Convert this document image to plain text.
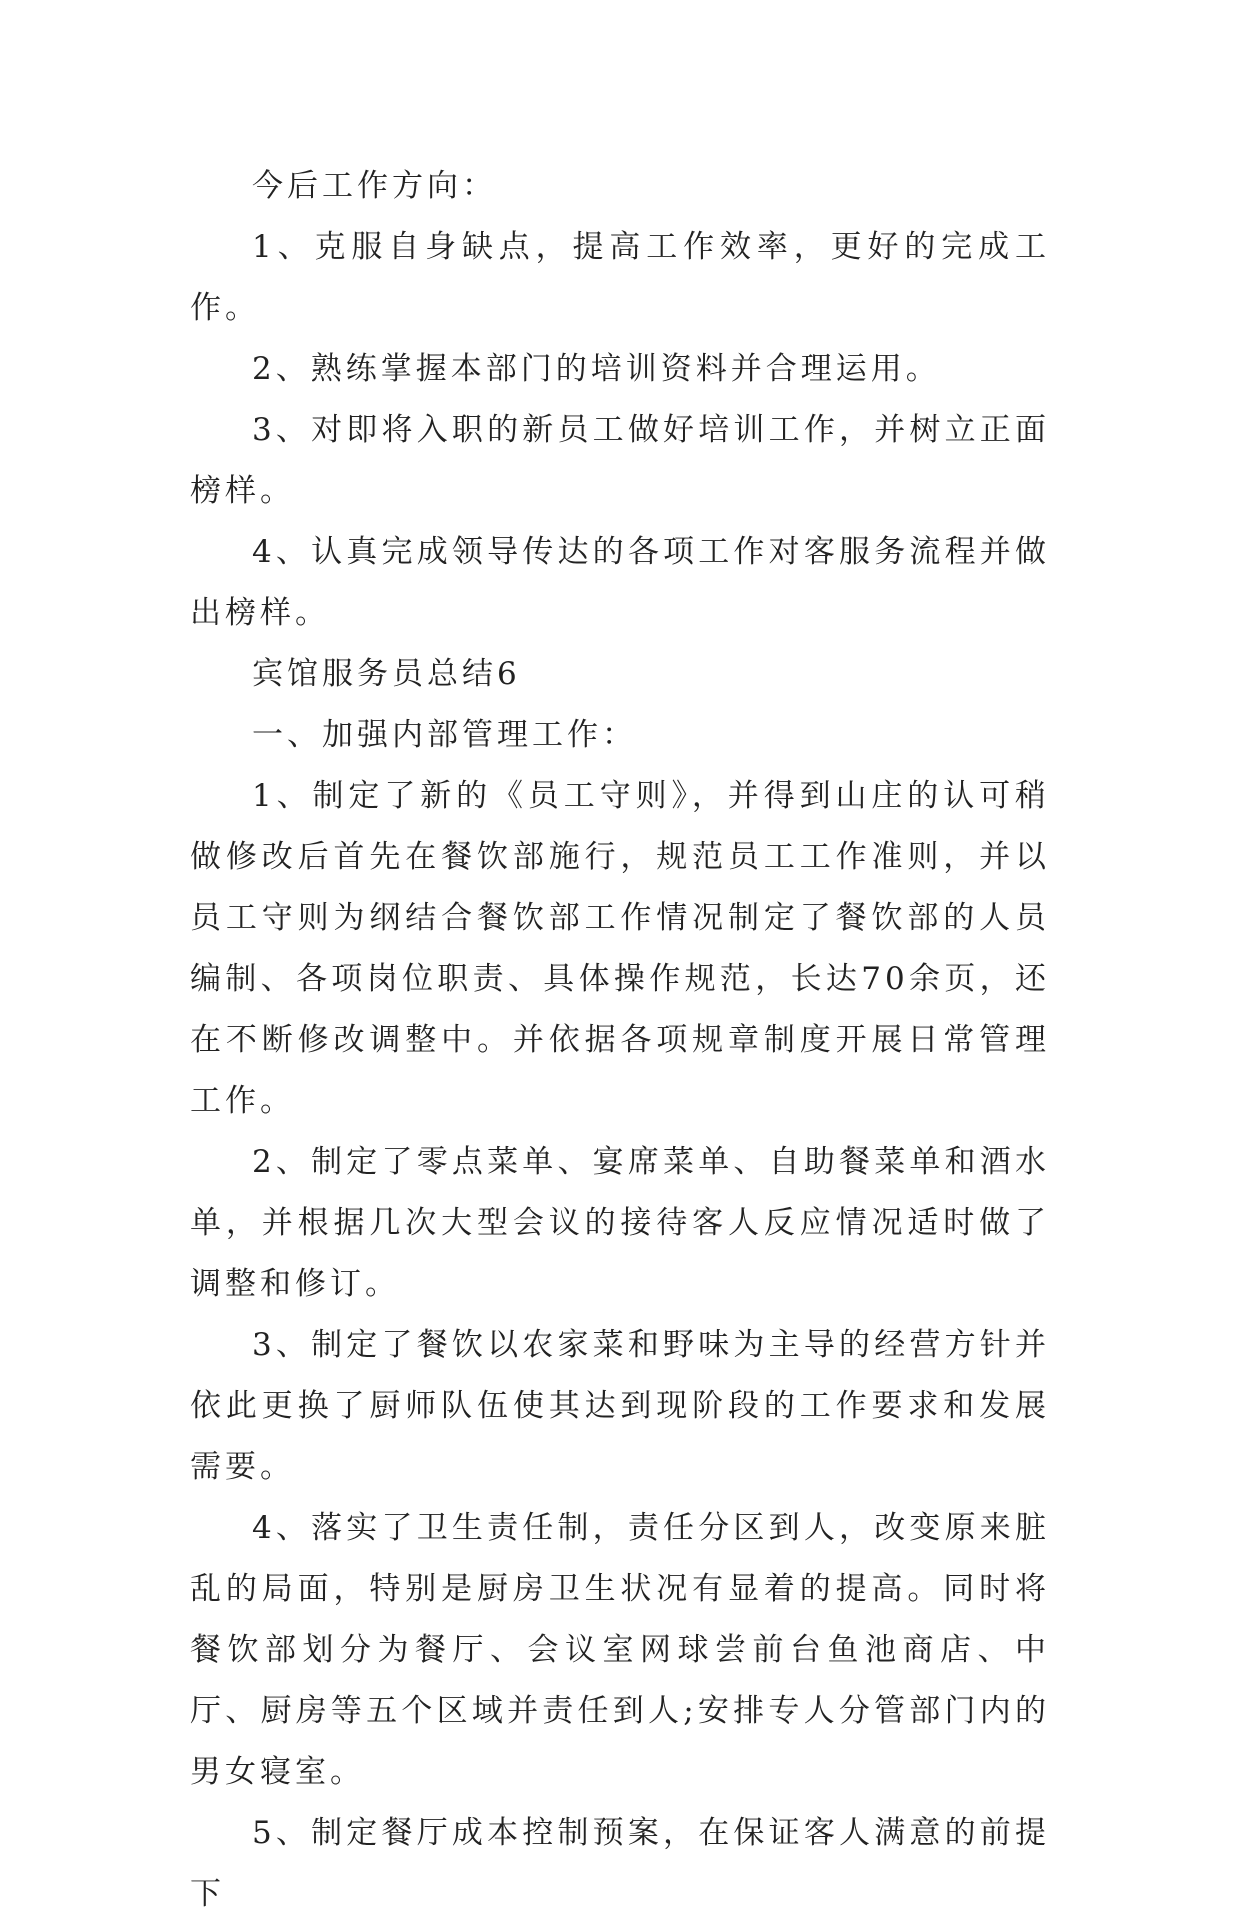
今后工作方向：

1、克服自身缺点，提高工作效率，更好的完成工作。

2、熟练掌握本部门的培训资料并合理运用。

3、对即将入职的新员工做好培训工作，并树立正面榜样。

4、认真完成领导传达的各项工作对客服务流程并做出榜样。

宾馆服务员总结6

一、加强内部管理工作：

1、制定了新的《员工守则》，并得到山庄的认可稍做修改后首先在餐饮部施行，规范员工工作准则，并以员工守则为纲结合餐饮部工作情况制定了餐饮部的人员编制、各项岗位职责、具体操作规范，长达70余页，还在不断修改调整中。并依据各项规章制度开展日常管理工作。

2、制定了零点菜单、宴席菜单、自助餐菜单和酒水单，并根据几次大型会议的接待客人反应情况适时做了调整和修订。

3、制定了餐饮以农家菜和野味为主导的经营方针并依此更换了厨师队伍使其达到现阶段的工作要求和发展需要。

4、落实了卫生责任制，责任分区到人，改变原来脏乱的局面，特别是厨房卫生状况有显着的提高。同时将餐饮部划分为餐厅、会议室网球尝前台鱼池商店、中厅、厨房等五个区域并责任到人;安排专人分管部门内的男女寝室。

5、制定餐厅成本控制预案，在保证客人满意的前提下
